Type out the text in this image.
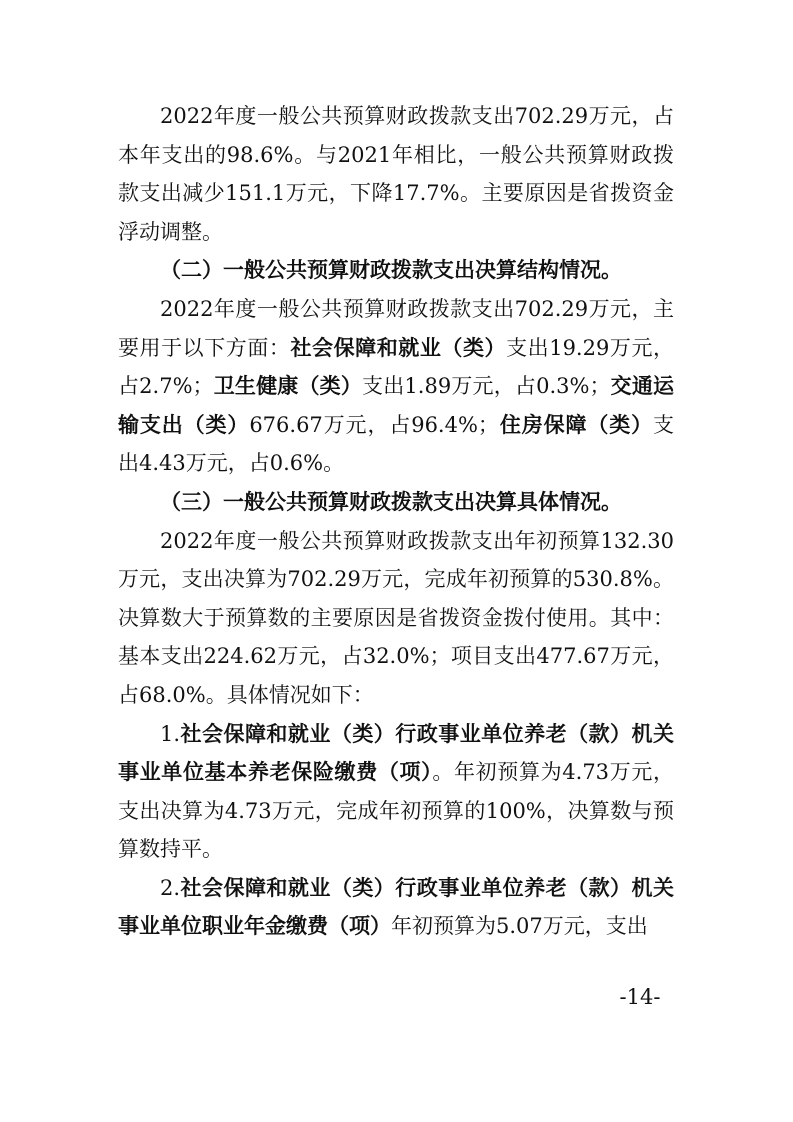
2022年度一般公共预算财政拨款支出702.29万元，占本年支出的98.6%。与2021年相比，一般公共预算财政拨款支出减少151.1万元，下降17.7%。主要原因是省拨资金浮动调整。

（二）一般公共预算财政拨款支出决算结构情况。

2022年度一般公共预算财政拨款支出702.29万元，主要用于以下方面：社会保障和就业（类）支出19.29万元，占2.7%；卫生健康（类）支出1.89万元，占0.3%；交通运输支出（类）676.67万元，占96.4%；住房保障（类）支出4.43万元，占0.6%。

（三）一般公共预算财政拨款支出决算具体情况。

2022年度一般公共预算财政拨款支出年初预算132.30万元，支出决算为702.29万元，完成年初预算的530.8%。决算数大于预算数的主要原因是省拨资金拨付使用。其中：基本支出224.62万元，占32.0%；项目支出477.67万元，占68.0%。具体情况如下：

1.社会保障和就业（类）行政事业单位养老（款）机关事业单位基本养老保险缴费（项）。年初预算为4.73万元，支出决算为4.73万元，完成年初预算的100%，决算数与预算数持平。

2.社会保障和就业（类）行政事业单位养老（款）机关事业单位职业年金缴费（项）年初预算为5.07万元，支出

-14-
